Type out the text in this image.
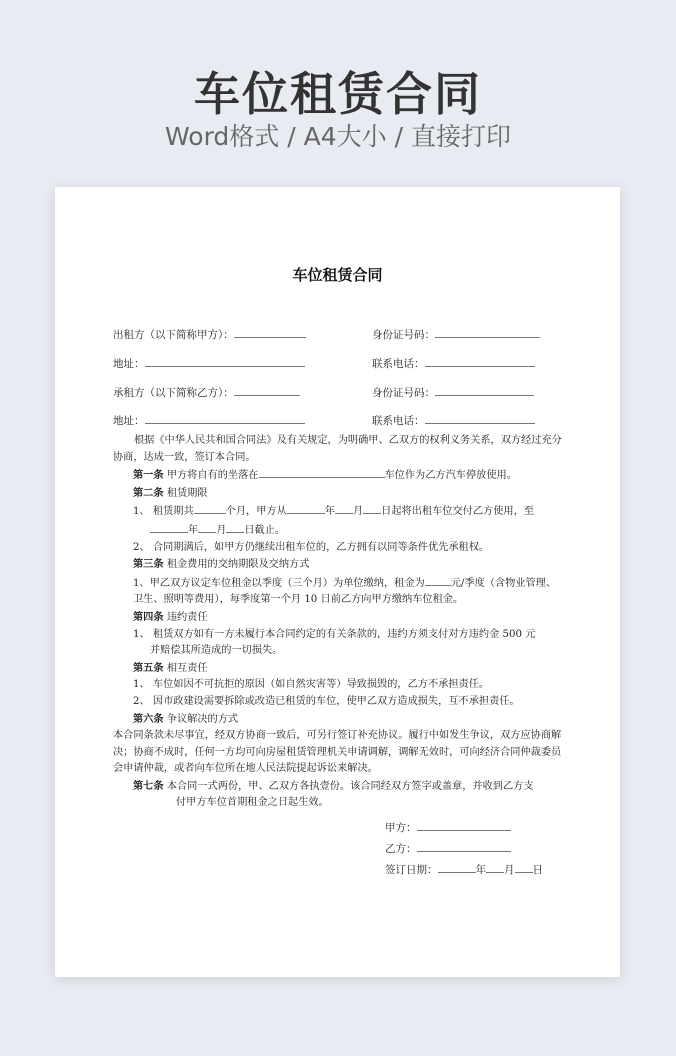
车位租赁合同
Word格式 / A4大小 / 直接打印
车位租赁合同
出租方（以下简称甲方）：	身份证号码：
地址：	联系电话：
承租方（以下简称乙方）：	身份证号码：
地址：	联系电话：

根据《中华人民共和国合同法》及有关规定，为明确甲、乙双方的权利义务关系，双方经过充分协商，达成一致，签订本合同。

第一条 甲方将自有的坐落在	车位作为乙方汽车停放使用。

第二条 租赁期限

1、 租赁期共	个月，甲方从	年 月 日起将出租车位交付乙方使用，至

年 月 日截止。

2、 合同期满后，如甲方仍继续出租车位的，乙方拥有以同等条件优先承租权。

第三条 租金费用的交纳期限及交纳方式

1、甲乙双方议定车位租金以季度（三个月）为单位缴纳，租金为	元/季度（含物业管理、卫生、照明等费用），每季度第一个月 10 日前乙方向甲方缴纳车位租金。

第四条 违约责任

1、 租赁双方如有一方未履行本合同约定的有关条款的，违约方须支付对方违约金 500 元

并赔偿其所造成的一切损失。

第五条 相互责任

1、 车位如因不可抗拒的原因（如自然灾害等）导致损毁的，乙方不承担责任。

2、 因市政建设需要拆除或改造已租赁的车位，使甲乙双方造成损失，互不承担责任。

第六条 争议解决的方式

本合同条款未尽事宜，经双方协商一致后，可另行签订补充协议。履行中如发生争议，双方应协商解决；协商不成时，任何一方均可向房屋租赁管理机关申请调解，调解无效时，可向经济合同仲裁委员会申请仲裁，或者向车位所在地人民法院提起诉讼来解决。

第七条 本合同一式两份，甲、乙双方各执壹份。该合同经双方签字或盖章，并收到乙方支

付甲方车位首期租金之日起生效。

甲方：
乙方：
签订日期：	年 月 日
